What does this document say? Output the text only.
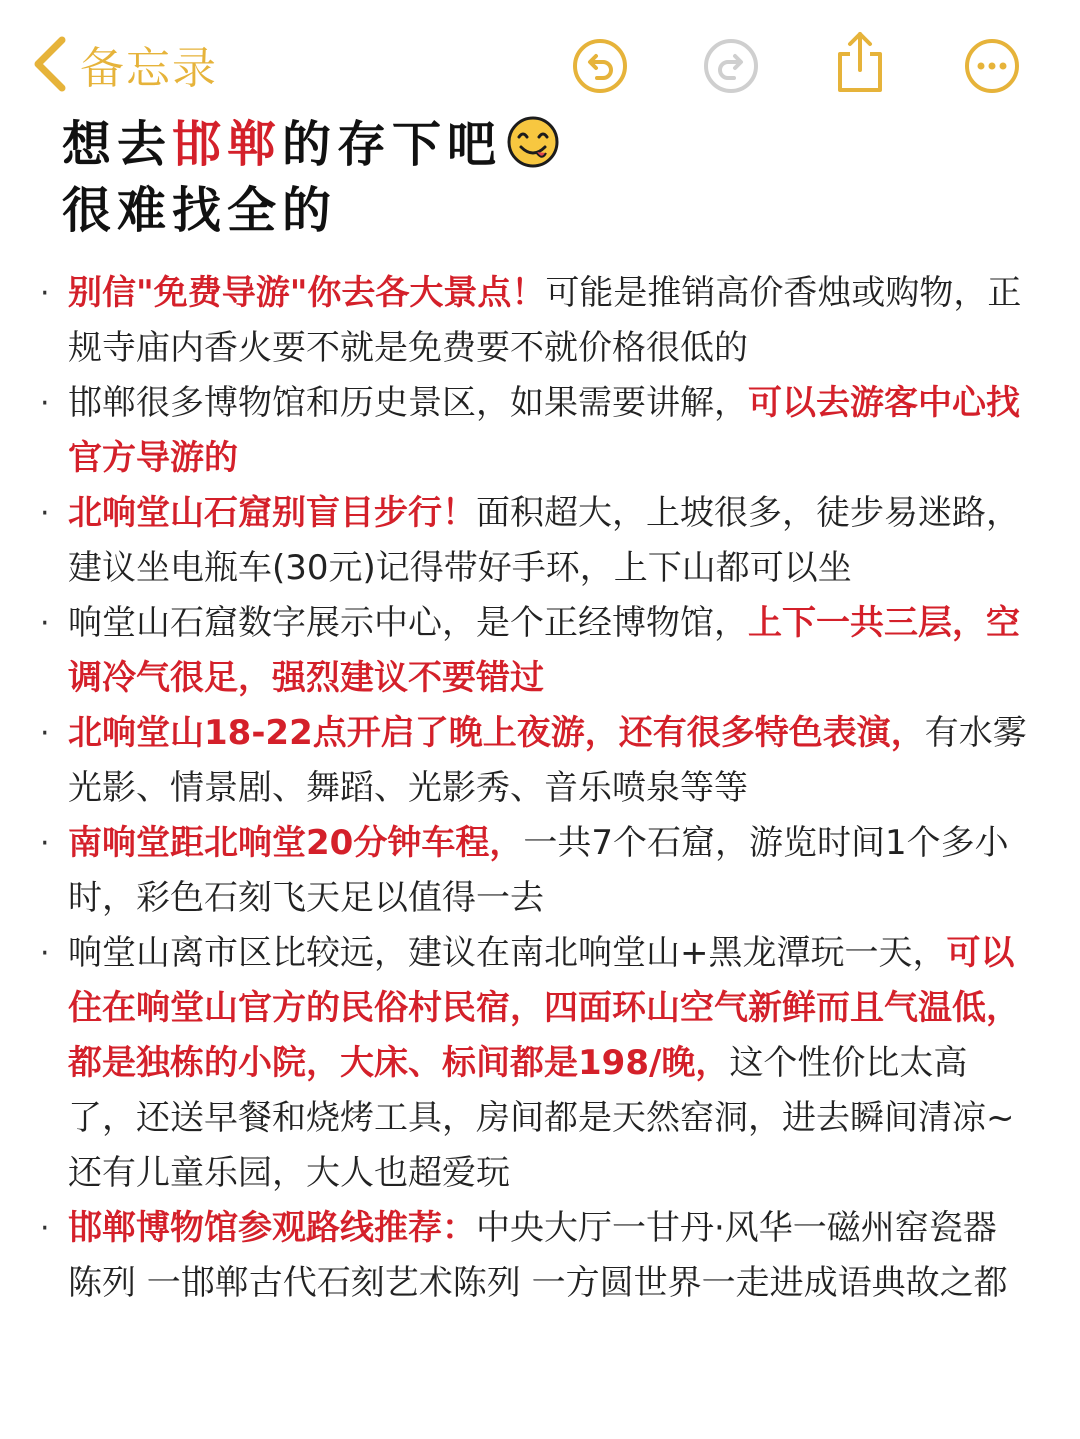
备忘录
想去邯郸的存下吧
很难找全的
· 别信"免费导游"你去各大景点！可能是推销高价香烛或购物，正规寺庙内香火要不就是免费要不就价格很低的
· 邯郸很多博物馆和历史景区，如果需要讲解，可以去游客中心找官方导游的
· 北响堂山石窟别盲目步行！面积超大，上坡很多，徒步易迷路，建议坐电瓶车(30元)记得带好手环，上下山都可以坐
· 响堂山石窟数字展示中心，是个正经博物馆，上下一共三层，空调冷气很足，强烈建议不要错过
· 北响堂山18-22点开启了晚上夜游，还有很多特色表演，有水雾光影、情景剧、舞蹈、光影秀、音乐喷泉等等
· 南响堂距北响堂20分钟车程，一共7个石窟，游览时间1个多小时，彩色石刻飞天足以值得一去
· 响堂山离市区比较远，建议在南北响堂山+黑龙潭玩一天，可以住在响堂山官方的民俗村民宿，四面环山空气新鲜而且气温低，都是独栋的小院，大床、标间都是198/晚，这个性价比太高了，还送早餐和烧烤工具，房间都是天然窑洞，进去瞬间清凉~还有儿童乐园，大人也超爱玩
· 邯郸博物馆参观路线推荐：中央大厅一甘丹·风华一磁州窑瓷器陈列 一邯郸古代石刻艺术陈列 一方圆世界一走进成语典故之都
